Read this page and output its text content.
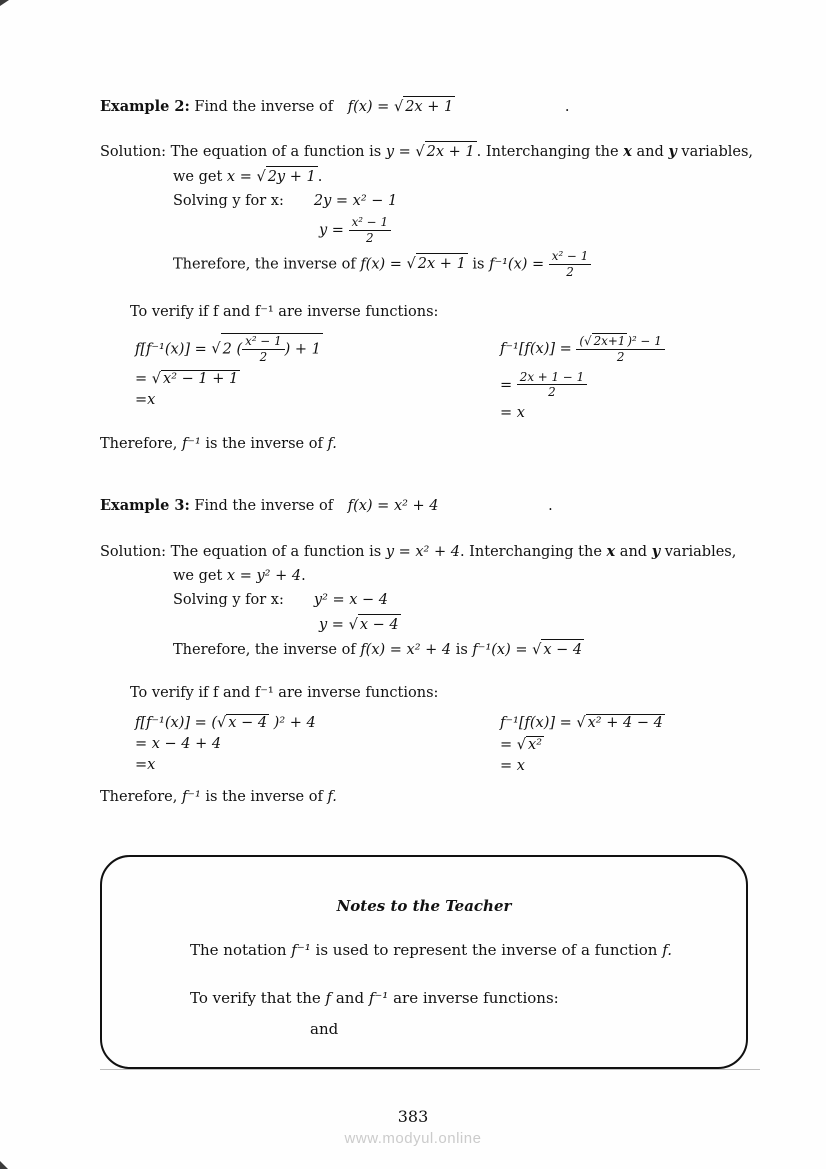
Example 2: Find the inverse of f(x) = √ 2x + 1	.
Solution: The equation of a function is y = √ 2x + 1 . Interchanging the x and y variables,
we get x = √ 2y + 1 .
Solving y for x: 2y = x² − 1
$y = \frac{\text{x² − 1}}{2}$
Therefore, the inverse of f(x) = √ 2x + 1 is $f^{-1}(x) = \frac{\text{x² − 1}}{2}$
To verify if f and f⁻¹ are inverse functions:
f[f⁻¹(x)] = √ 2 ( $\frac{\text{x² − 1}}{2}$ ) + 1
= √ x² − 1 + 1
=x
$f^{-1}[f(x)] = \frac{\text{(√ 2x+1 )² − 1}}{2}$
= $\frac{2x + 1 - 1}{2}$
= x
Therefore, f⁻¹ is the inverse of f.
Example 3: Find the inverse of f(x) = x² + 4	.
Solution: The equation of a function is y = x² + 4. Interchanging the x and y variables,
we get x = y² + 4.
Solving y for x: y² = x − 4
y = √ x − 4
Therefore, the inverse of f(x) = x² + 4 is f⁻¹(x) = √ x − 4
To verify if f and f⁻¹ are inverse functions:
f[f⁻¹(x)] = (√ x − 4 )² + 4
= x − 4 + 4
=x
f⁻¹[f(x)] = √ x² + 4 − 4
= √ x²
= x
Therefore, f⁻¹ is the inverse of f.
Notes to the Teacher
The notation f⁻¹ is used to represent the inverse of a function f.
To verify that the f and f⁻¹ are inverse functions:
and
383
www.modyul.online
